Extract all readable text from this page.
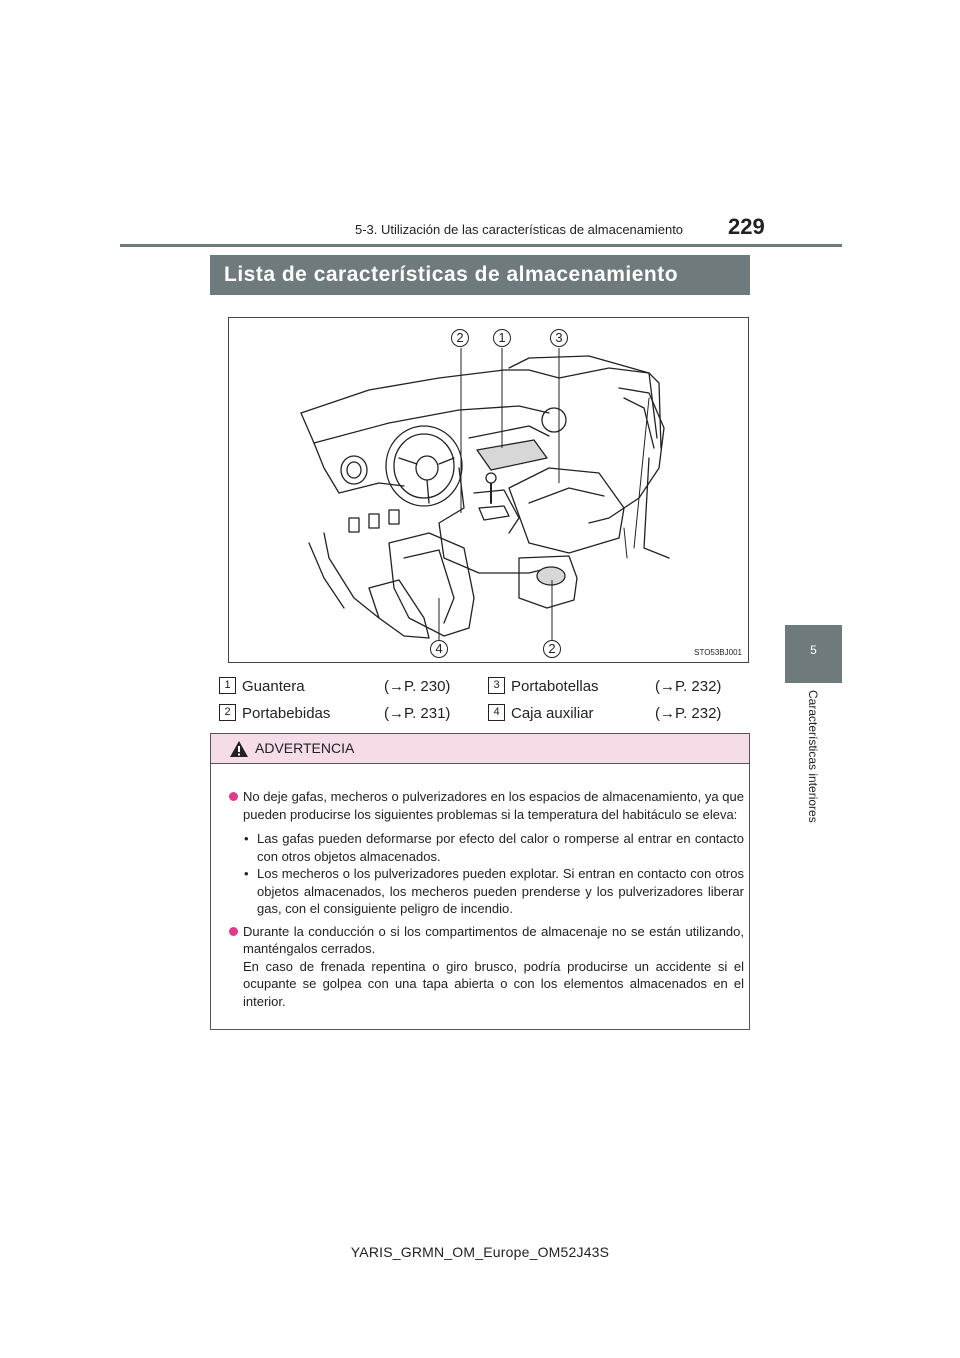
5-3. Utilización de las características de almacenamiento 229
5
Características interiores
Lista de características de almacenamiento
2	1	3
4	2	STO53BJ001
1 Guantera	(→P. 230)
2 Portabebidas	(→P. 231)
3 Portabotellas	(→P. 232)
4 Caja auxiliar	(→P. 232)
ADVERTENCIA

No deje gafas, mecheros o pulverizadores en los espacios de almacenamiento, ya que pueden producirse los siguientes problemas si la temperatura del habitáculo se eleva:

• Las gafas pueden deformarse por efecto del calor o romperse al entrar en contacto con otros objetos almacenados.

• Los mecheros o los pulverizadores pueden explotar. Si entran en contacto con otros objetos almacenados, los mecheros pueden prenderse y los pulverizadores liberar gas, con el consiguiente peligro de incendio.

Durante la conducción o si los compartimentos de almacenaje no se están utilizando, manténgalos cerrados.
En caso de frenada repentina o giro brusco, podría producirse un accidente si el ocupante se golpea con una tapa abierta o con los elementos almacenados en el interior.

YARIS_GRMN_OM_Europe_OM52J43S
